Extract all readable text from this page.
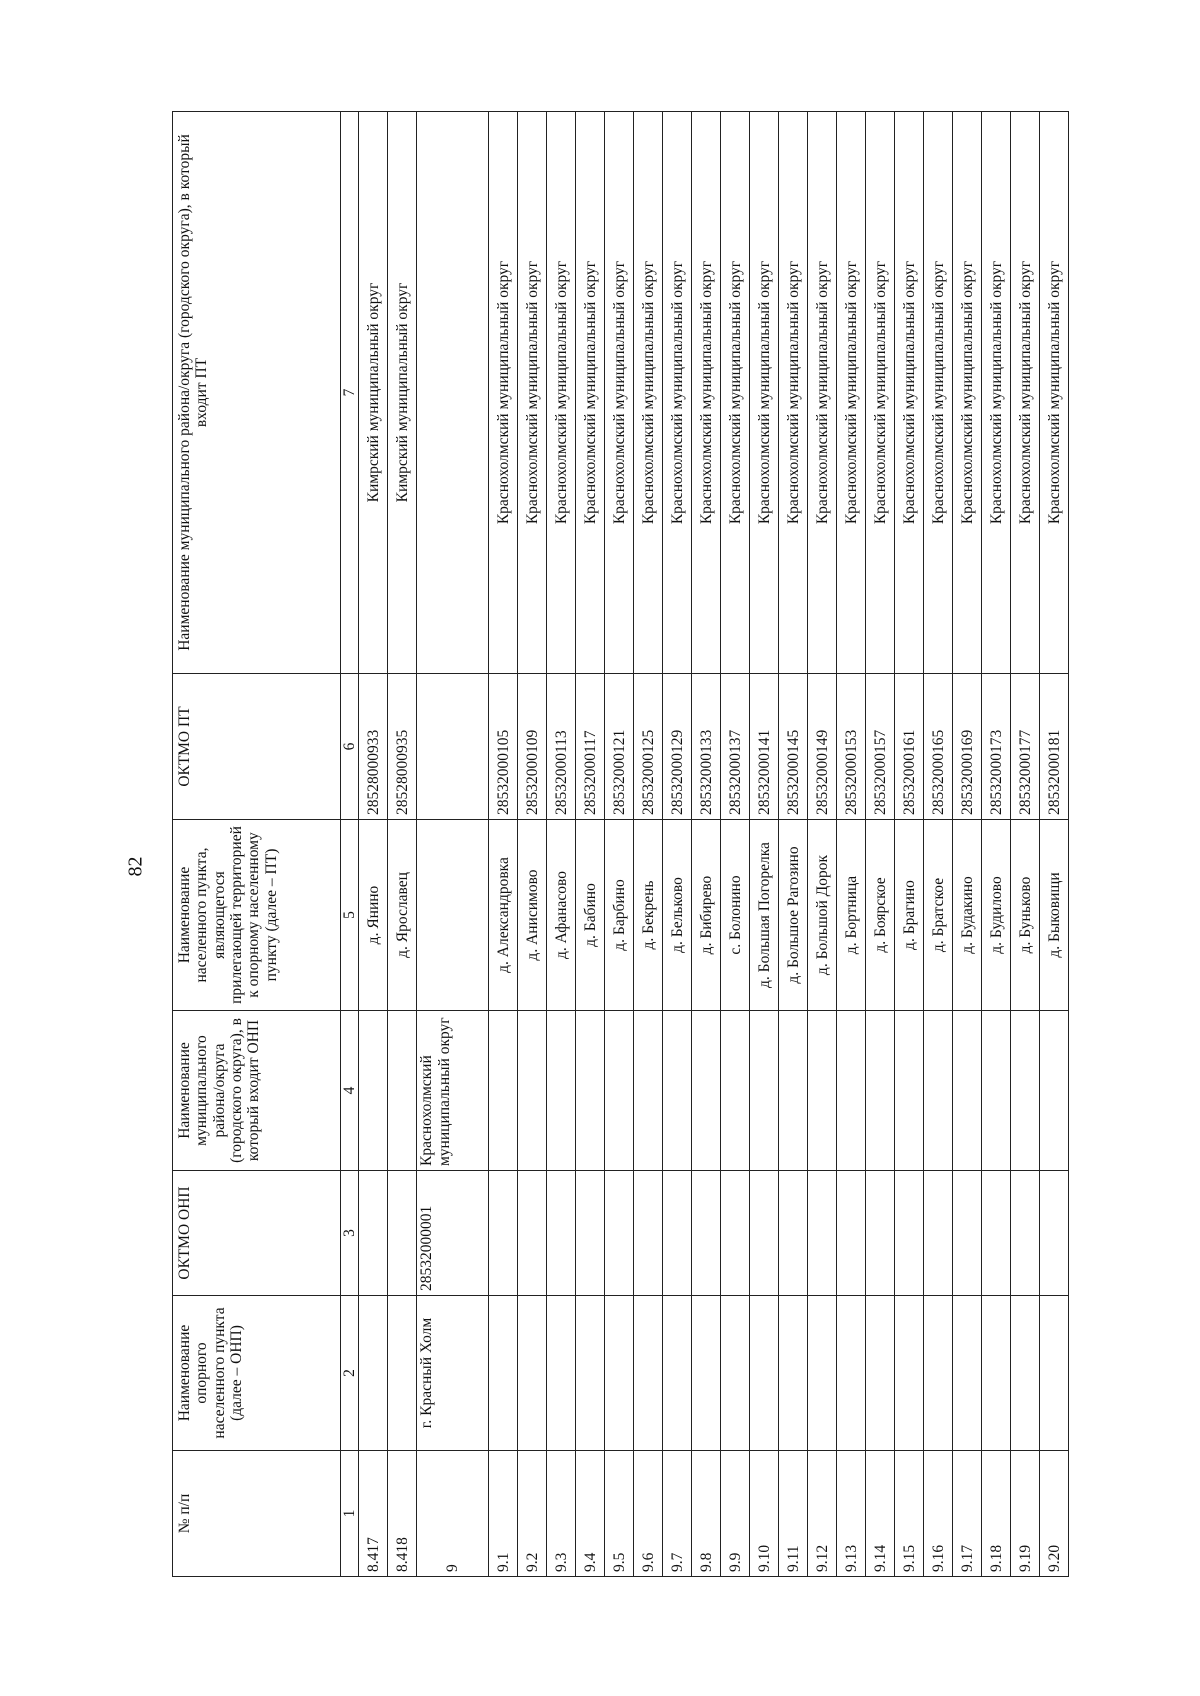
82
№ п/п	Наименование опорного населенного пункта (далее – ОНП)	ОКТМО ОНП	Наименование муниципального района/округа (городского округа), в который входит ОНП	Наименование населенного пункта, являющегося прилегающей территорией к опорному населенному пункту (далее – ПТ)	ОКТМО ПТ	Наименование муниципального района/округа (городского округа), в который входит ПТ
1	2	3	4	5	6	7
8.417				д. Янино	28528000933	Кимрский муниципальный округ
8.418				д. Ярославец	28528000935	Кимрский муниципальный округ
9	г. Красный Холм	28532000001	Краснохолмский муниципальный округ			
9.1				д. Александровка	28532000105	Краснохолмский муниципальный округ
9.2				д. Анисимово	28532000109	Краснохолмский муниципальный округ
9.3				д. Афанасово	28532000113	Краснохолмский муниципальный округ
9.4				д. Бабино	28532000117	Краснохолмский муниципальный округ
9.5				д. Барбино	28532000121	Краснохолмский муниципальный округ
9.6				д. Бекрень	28532000125	Краснохолмский муниципальный округ
9.7				д. Бельково	28532000129	Краснохолмский муниципальный округ
9.8				д. Бибирево	28532000133	Краснохолмский муниципальный округ
9.9				с. Болонино	28532000137	Краснохолмский муниципальный округ
9.10				д. Большая Погорелка	28532000141	Краснохолмский муниципальный округ
9.11				д. Большое Рагозино	28532000145	Краснохолмский муниципальный округ
9.12				д. Большой Дорок	28532000149	Краснохолмский муниципальный округ
9.13				д. Бортница	28532000153	Краснохолмский муниципальный округ
9.14				д. Боярское	28532000157	Краснохолмский муниципальный округ
9.15				д. Брагино	28532000161	Краснохолмский муниципальный округ
9.16				д. Братское	28532000165	Краснохолмский муниципальный округ
9.17				д. Будакино	28532000169	Краснохолмский муниципальный округ
9.18				д. Будилово	28532000173	Краснохолмский муниципальный округ
9.19				д. Буньково	28532000177	Краснохолмский муниципальный округ
9.20				д. Быковищи	28532000181	Краснохолмский муниципальный округ
